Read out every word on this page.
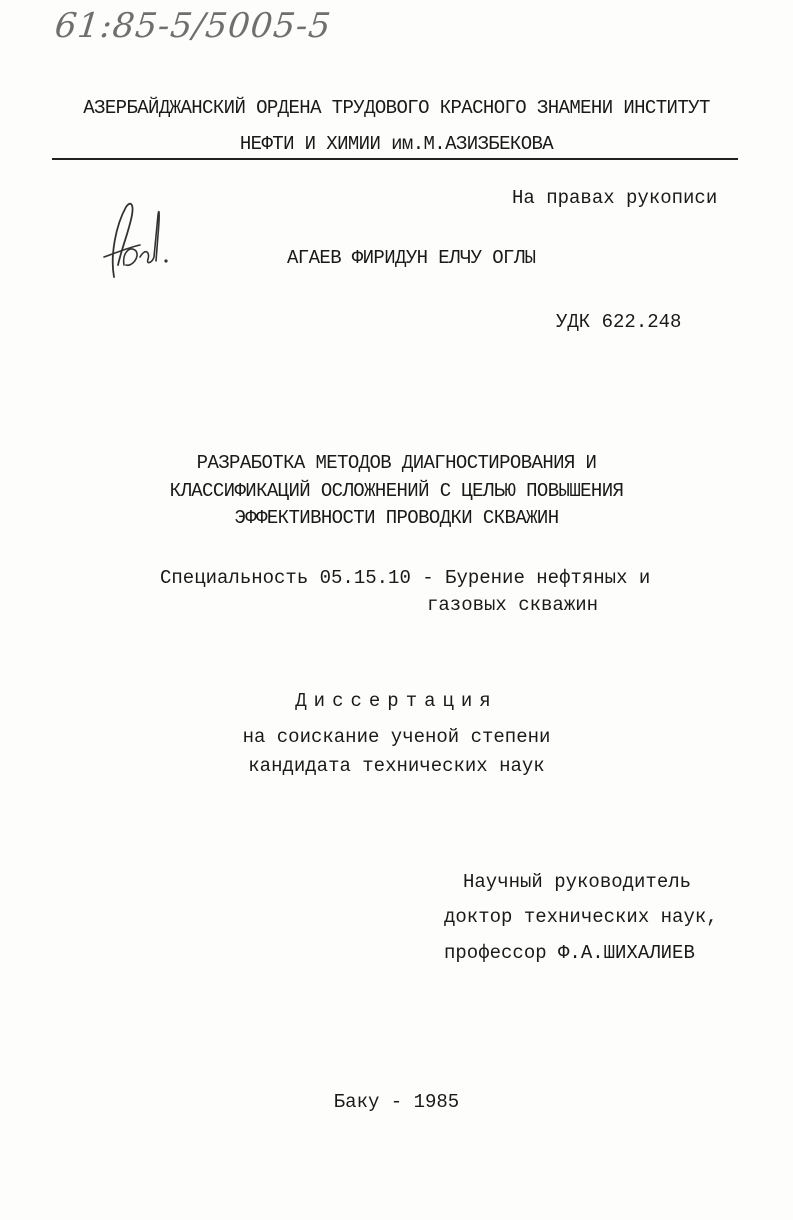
61:85-5/5005-5
АЗЕРБАЙДЖАНСКИЙ ОРДЕНА ТРУДОВОГО КРАСНОГО ЗНАМЕНИ ИНСТИТУТ
НЕФТИ И ХИМИИ им.М.АЗИЗБЕКОВА
На правах рукописи
АГАЕВ ФИРИДУН ЕЛЧУ ОГЛЫ
УДК 622.248
РАЗРАБОТКА МЕТОДОВ ДИАГНОСТИРОВАНИЯ И
КЛАССИФИКАЦИЙ ОСЛОЖНЕНИЙ С ЦЕЛЬЮ ПОВЫШЕНИЯ
ЭФФЕКТИВНОСТИ ПРОВОДКИ СКВАЖИН
Специальность 05.15.10 - Бурение нефтяных и
газовых скважин
Диссертация
на соискание ученой степени
кандидата технических наук
Научный руководитель
доктор технических наук,
профессор Ф.А.ШИХАЛИЕВ
Баку - 1985
